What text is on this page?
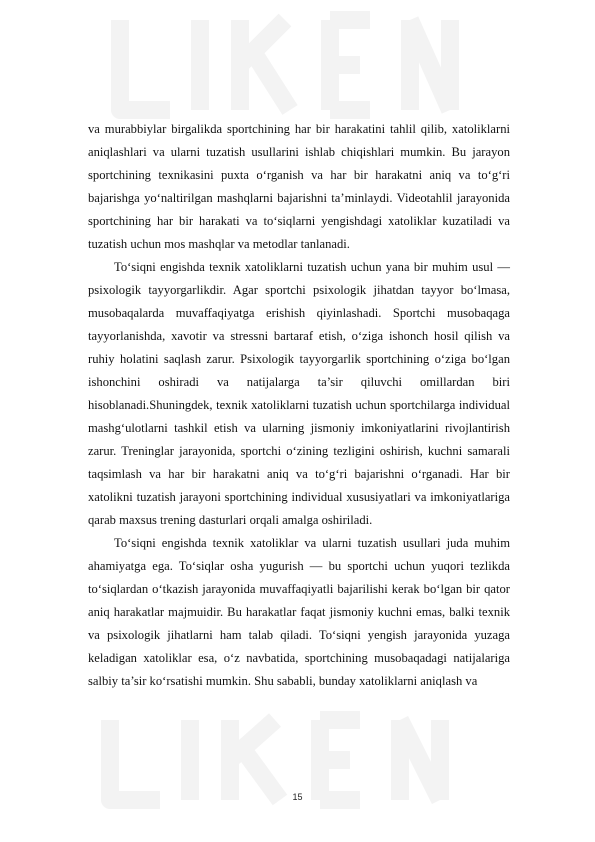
va murabbiylar birgalikda sportchining har bir harakatini tahlil qilib, xatoliklarni aniqlashlari va ularni tuzatish usullarini ishlab chiqishlari mumkin. Bu jarayon sportchining texnikasini puxta o‘rganish va har bir harakatni aniq va to‘g‘ri bajarishga yo‘naltirilgan mashqlarni bajarishni ta’minlaydi. Videotahlil jarayonida sportchining har bir harakati va to‘siqlarni yengishdagi xatoliklar kuzatiladi va tuzatish uchun mos mashqlar va metodlar tanlanadi.

To‘siqni engishda texnik xatoliklarni tuzatish uchun yana bir muhim usul — psixologik tayyorgarlikdir. Agar sportchi psixologik jihatdan tayyor bo‘lmasa, musobaqalarda muvaffaqiyatga erishish qiyinlashadi. Sportchi musobaqaga tayyorlanishda, xavotir va stressni bartaraf etish, o‘ziga ishonch hosil qilish va ruhiy holatini saqlash zarur. Psixologik tayyorgarlik sportchining o‘ziga bo‘lgan ishonchini oshiradi va natijalarga ta’sir qiluvchi omillardan biri hisoblanadi.Shuningdek, texnik xatoliklarni tuzatish uchun sportchilarga individual mashg‘ulotlarni tashkil etish va ularning jismoniy imkoniyatlarini rivojlantirish zarur. Treninglar jarayonida, sportchi o‘zining tezligini oshirish, kuchni samarali taqsimlash va har bir harakatni aniq va to‘g‘ri bajarishni o‘rganadi. Har bir xatolikni tuzatish jarayoni sportchining individual xususiyatlari va imkoniyatlariga qarab maxsus trening dasturlari orqali amalga oshiriladi.

To‘siqni engishda texnik xatoliklar va ularni tuzatish usullari juda muhim ahamiyatga ega. To‘siqlar osha yugurish — bu sportchi uchun yuqori tezlikda to‘siqlardan o‘tkazish jarayonida muvaffaqiyatli bajarilishi kerak bo‘lgan bir qator aniq harakatlar majmuidir. Bu harakatlar faqat jismoniy kuchni emas, balki texnik va psixologik jihatlarni ham talab qiladi. To‘siqni yengish jarayonida yuzaga keladigan xatoliklar esa, o‘z navbatida, sportchining musobaqadagi natijalariga salbiy ta’sir ko‘rsatishi mumkin. Shu sababli, bunday xatoliklarni aniqlash va

15
